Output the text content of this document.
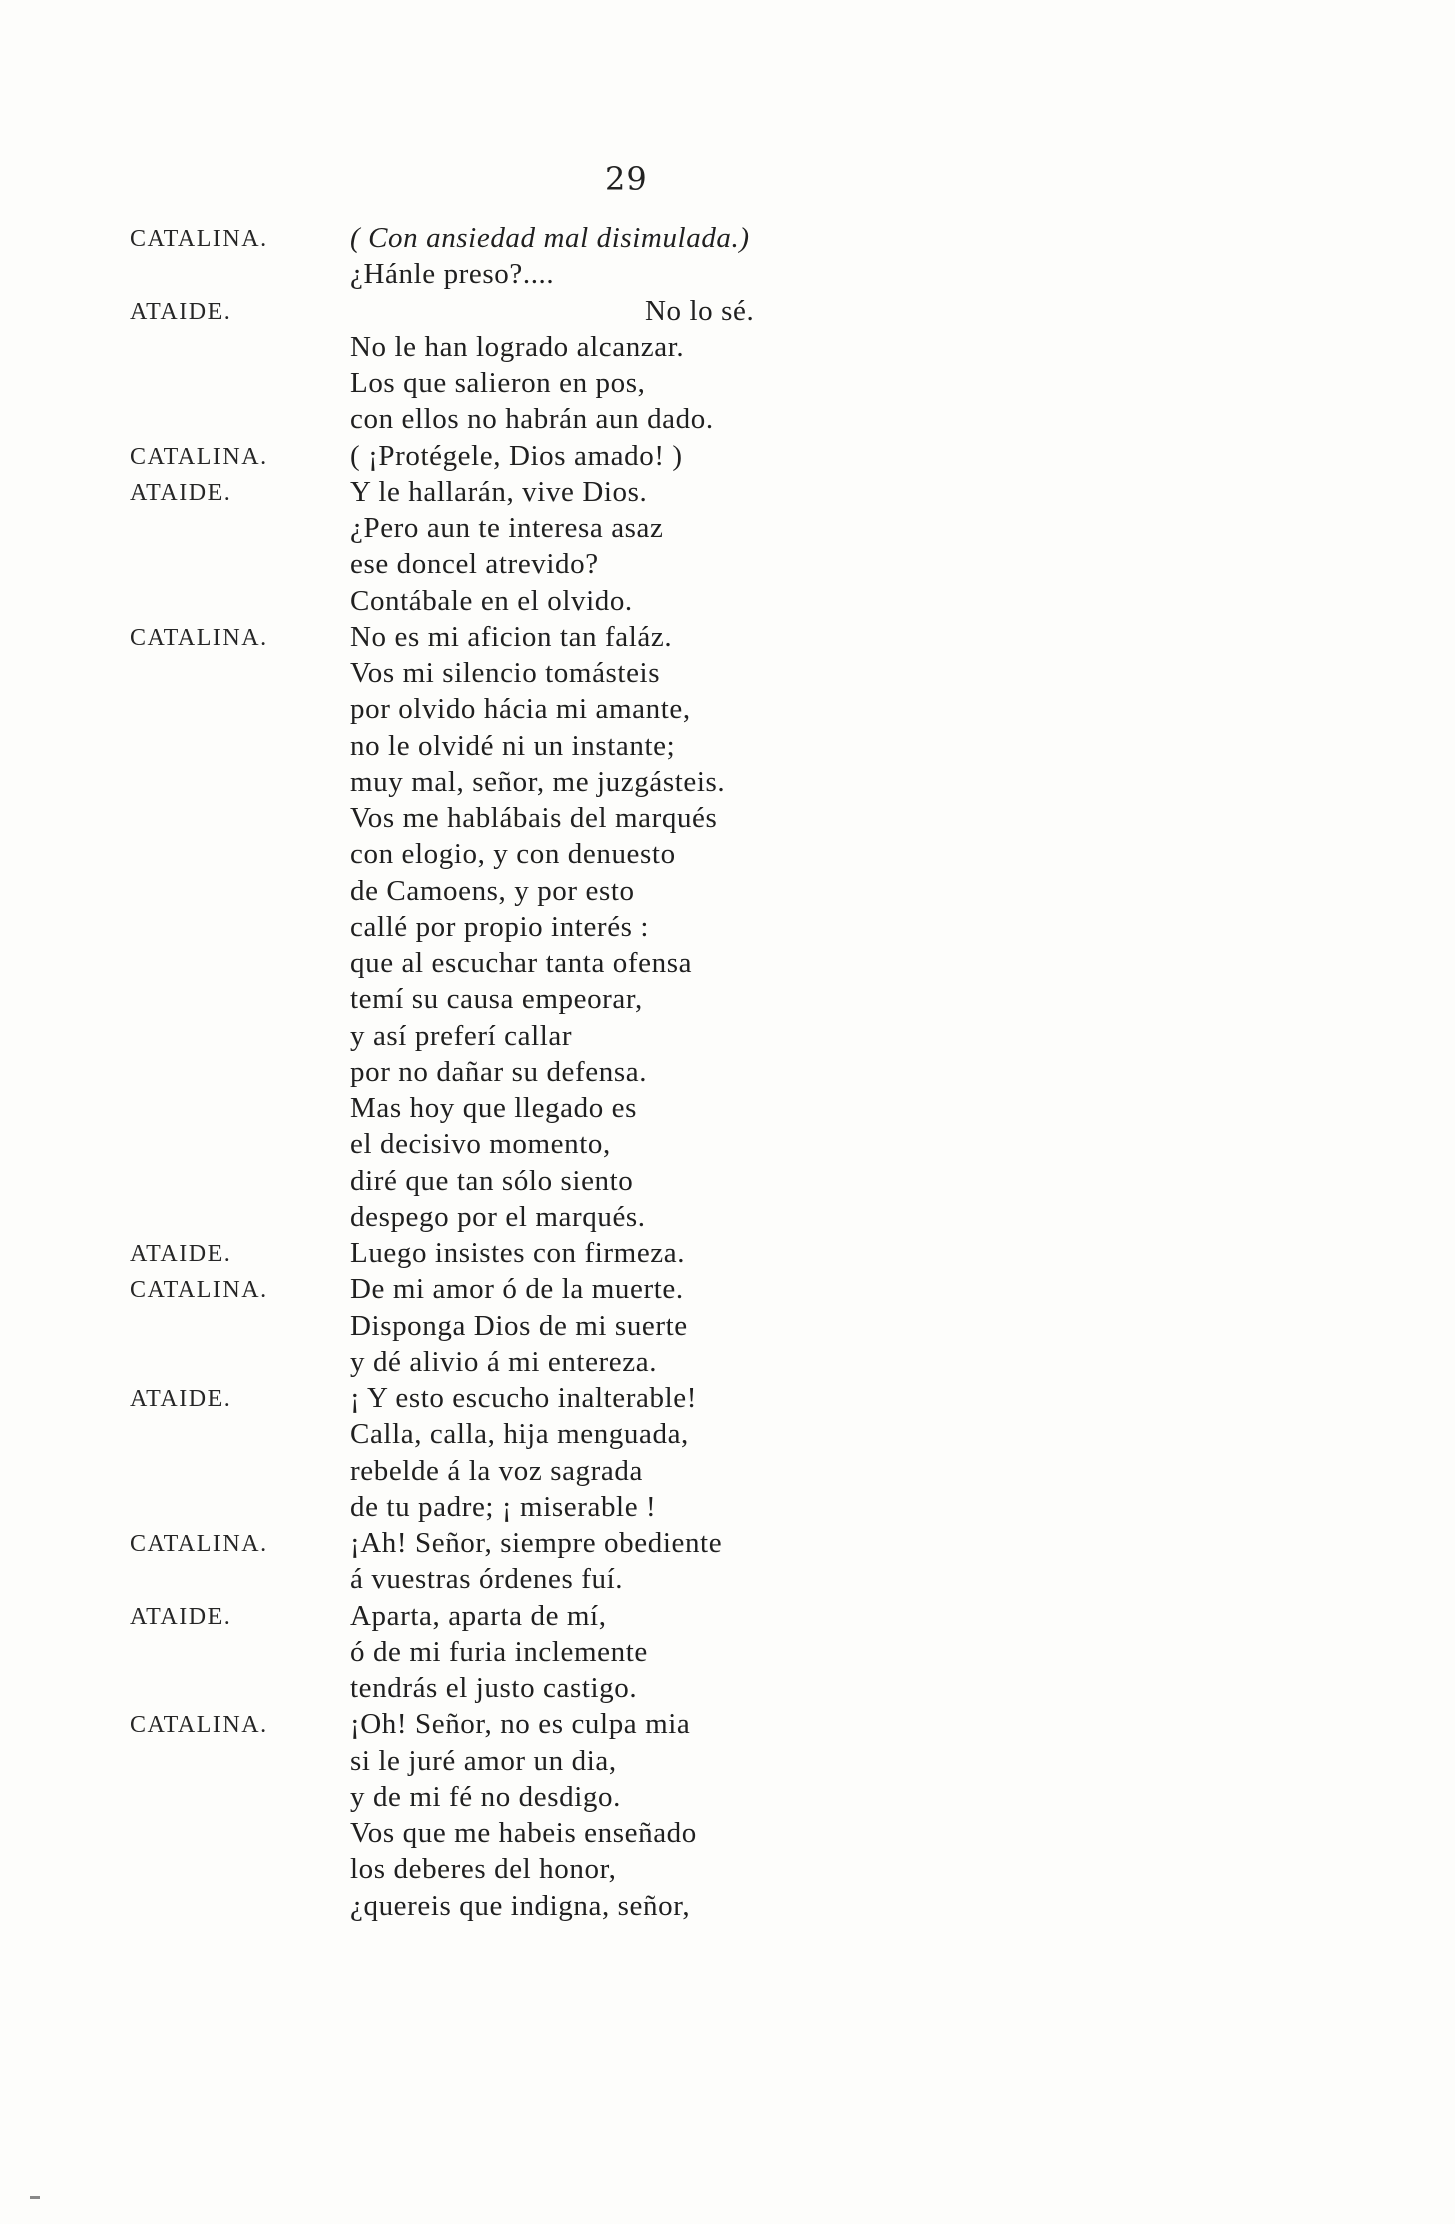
29
CATALINA.	( Con ansiedad mal disimulada.)
¿Hánle preso?....
ATAIDE.	No lo sé.
No le han logrado alcanzar.
Los que salieron en pos,
con ellos no habrán aun dado.
CATALINA.	( ¡Protégele, Dios amado! )
ATAIDE.	Y le hallarán, vive Dios.
¿Pero aun te interesa asaz
ese doncel atrevido?
Contábale en el olvido.
CATALINA.	No es mi aficion tan faláz.
Vos mi silencio tomásteis
por olvido hácia mi amante,
no le olvidé ni un instante;
muy mal, señor, me juzgásteis.
Vos me hablábais del marqués
con elogio, y con denuesto
de Camoens, y por esto
callé por propio interés :
que al escuchar tanta ofensa
temí su causa empeorar,
y así preferí callar
por no dañar su defensa.
Mas hoy que llegado es
el decisivo momento,
diré que tan sólo siento
despego por el marqués.
ATAIDE.	Luego insistes con firmeza.
CATALINA.	De mi amor ó de la muerte.
Disponga Dios de mi suerte
y dé alivio á mi entereza.
ATAIDE.	¡ Y esto escucho inalterable!
Calla, calla, hija menguada,
rebelde á la voz sagrada
de tu padre; ¡ miserable !
CATALINA.	¡Ah! Señor, siempre obediente
á vuestras órdenes fuí.
ATAIDE.	Aparta, aparta de mí,
ó de mi furia inclemente
tendrás el justo castigo.
CATALINA.	¡Oh! Señor, no es culpa mia
si le juré amor un dia,
y de mi fé no desdigo.
Vos que me habeis enseñado
los deberes del honor,
¿quereis que indigna, señor,
